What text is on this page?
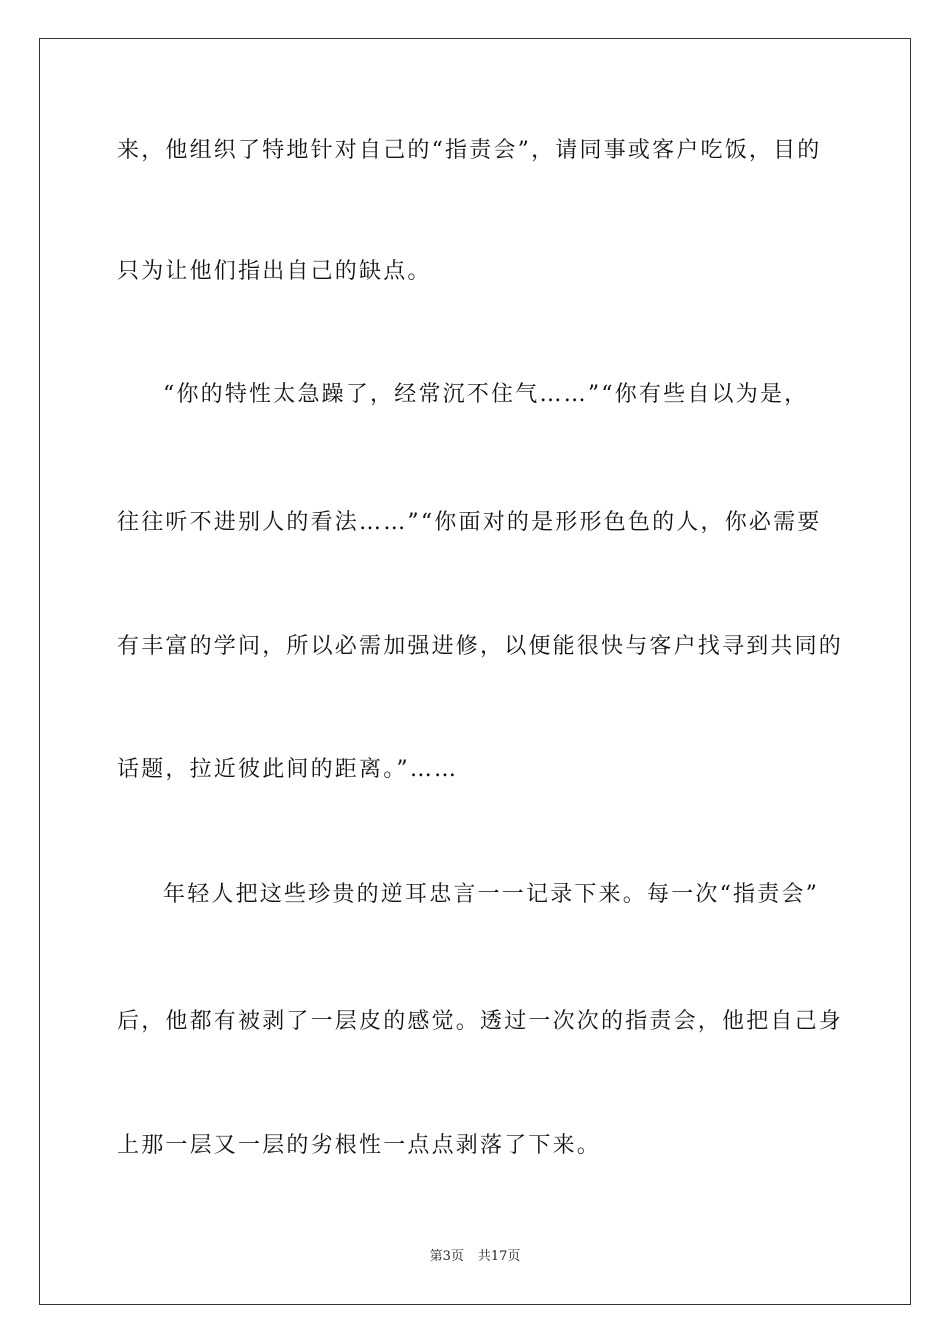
来，他组织了特地针对自己的“指责会”，请同事或客户吃饭，目的
只为让他们指出自己的缺点。
“你的特性太急躁了，经常沉不住气……”“你有些自以为是，
往往听不进别人的看法……”“你面对的是形形色色的人，你必需要
有丰富的学问，所以必需加强进修，以便能很快与客户找寻到共同的
话题，拉近彼此间的距离。”……
年轻人把这些珍贵的逆耳忠言一一记录下来。每一次“指责会”
后，他都有被剥了一层皮的感觉。透过一次次的指责会，他把自己身
上那一层又一层的劣根性一点点剥落了下来。
第3页 共17页
